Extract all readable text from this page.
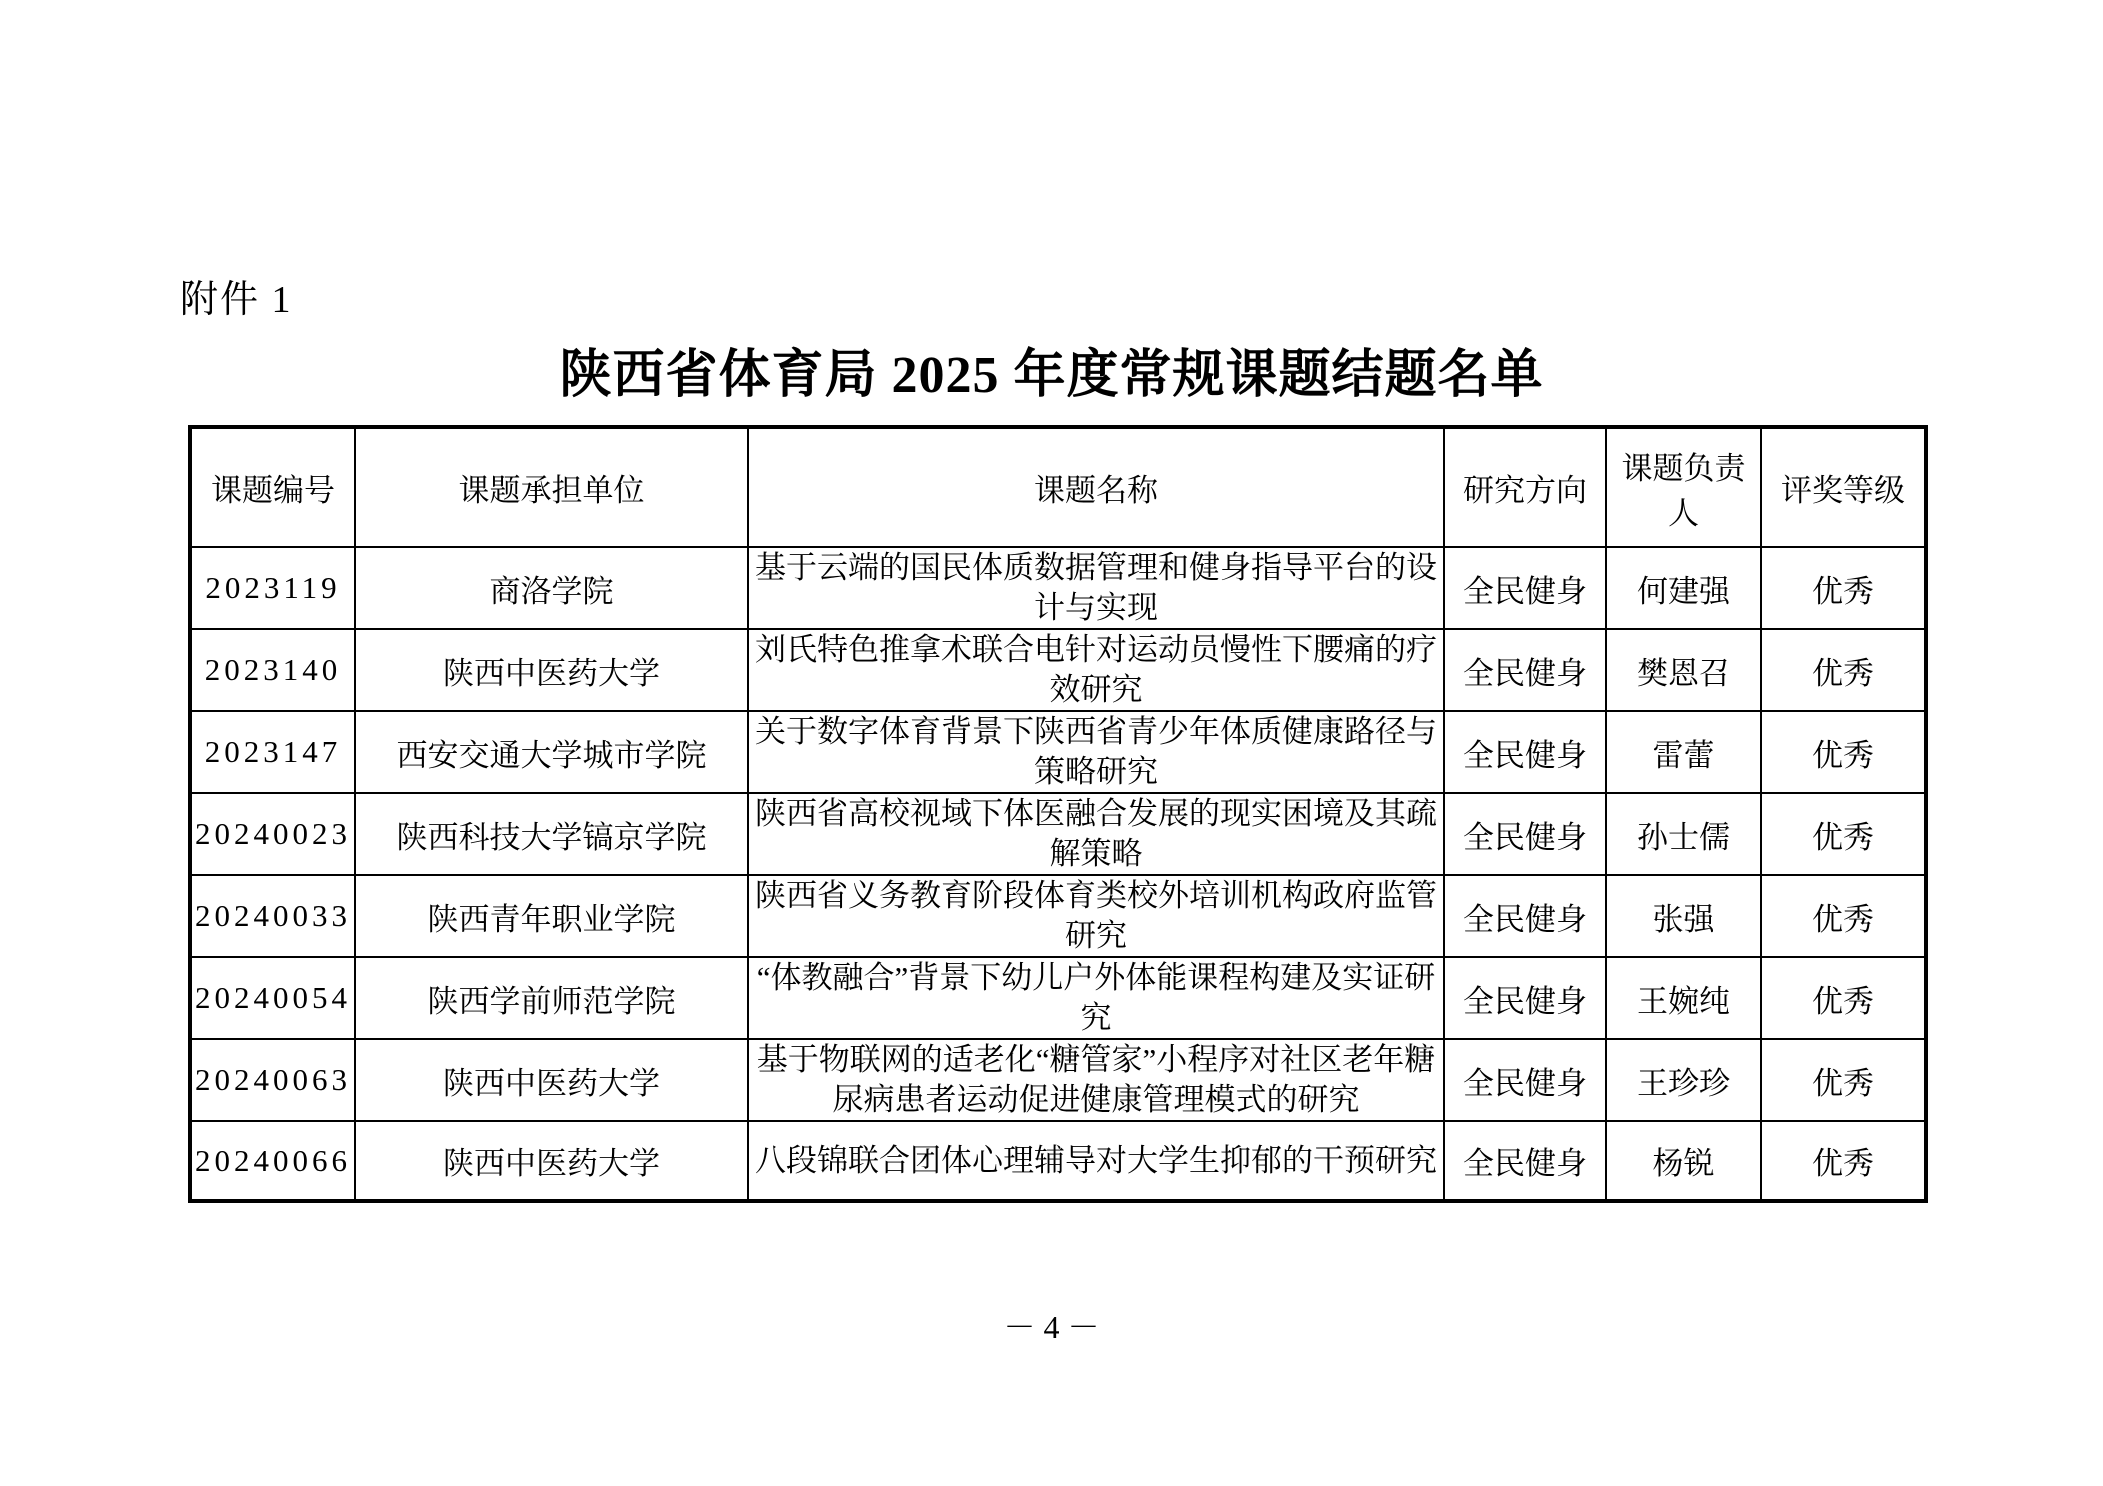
附件 1
陕西省体育局 2025 年度常规课题结题名单
课题编号	课题承担单位	课题名称	研究方向	课题负责人	评奖等级
2023119	商洛学院	基于云端的国民体质数据管理和健身指导平台的设计与实现	全民健身	何建强	优秀
2023140	陕西中医药大学	刘氏特色推拿术联合电针对运动员慢性下腰痛的疗效研究	全民健身	樊恩召	优秀
2023147	西安交通大学城市学院	关于数字体育背景下陕西省青少年体质健康路径与策略研究	全民健身	雷蕾	优秀
20240023	陕西科技大学镐京学院	陕西省高校视域下体医融合发展的现实困境及其疏解策略	全民健身	孙士儒	优秀
20240033	陕西青年职业学院	陕西省义务教育阶段体育类校外培训机构政府监管研究	全民健身	张强	优秀
20240054	陕西学前师范学院	“体教融合”背景下幼儿户外体能课程构建及实证研究	全民健身	王婉纯	优秀
20240063	陕西中医药大学	基于物联网的适老化“糖管家”小程序对社区老年糖尿病患者运动促进健康管理模式的研究	全民健身	王珍珍	优秀
20240066	陕西中医药大学	八段锦联合团体心理辅导对大学生抑郁的干预研究	全民健身	杨锐	优秀
－ 4 －
